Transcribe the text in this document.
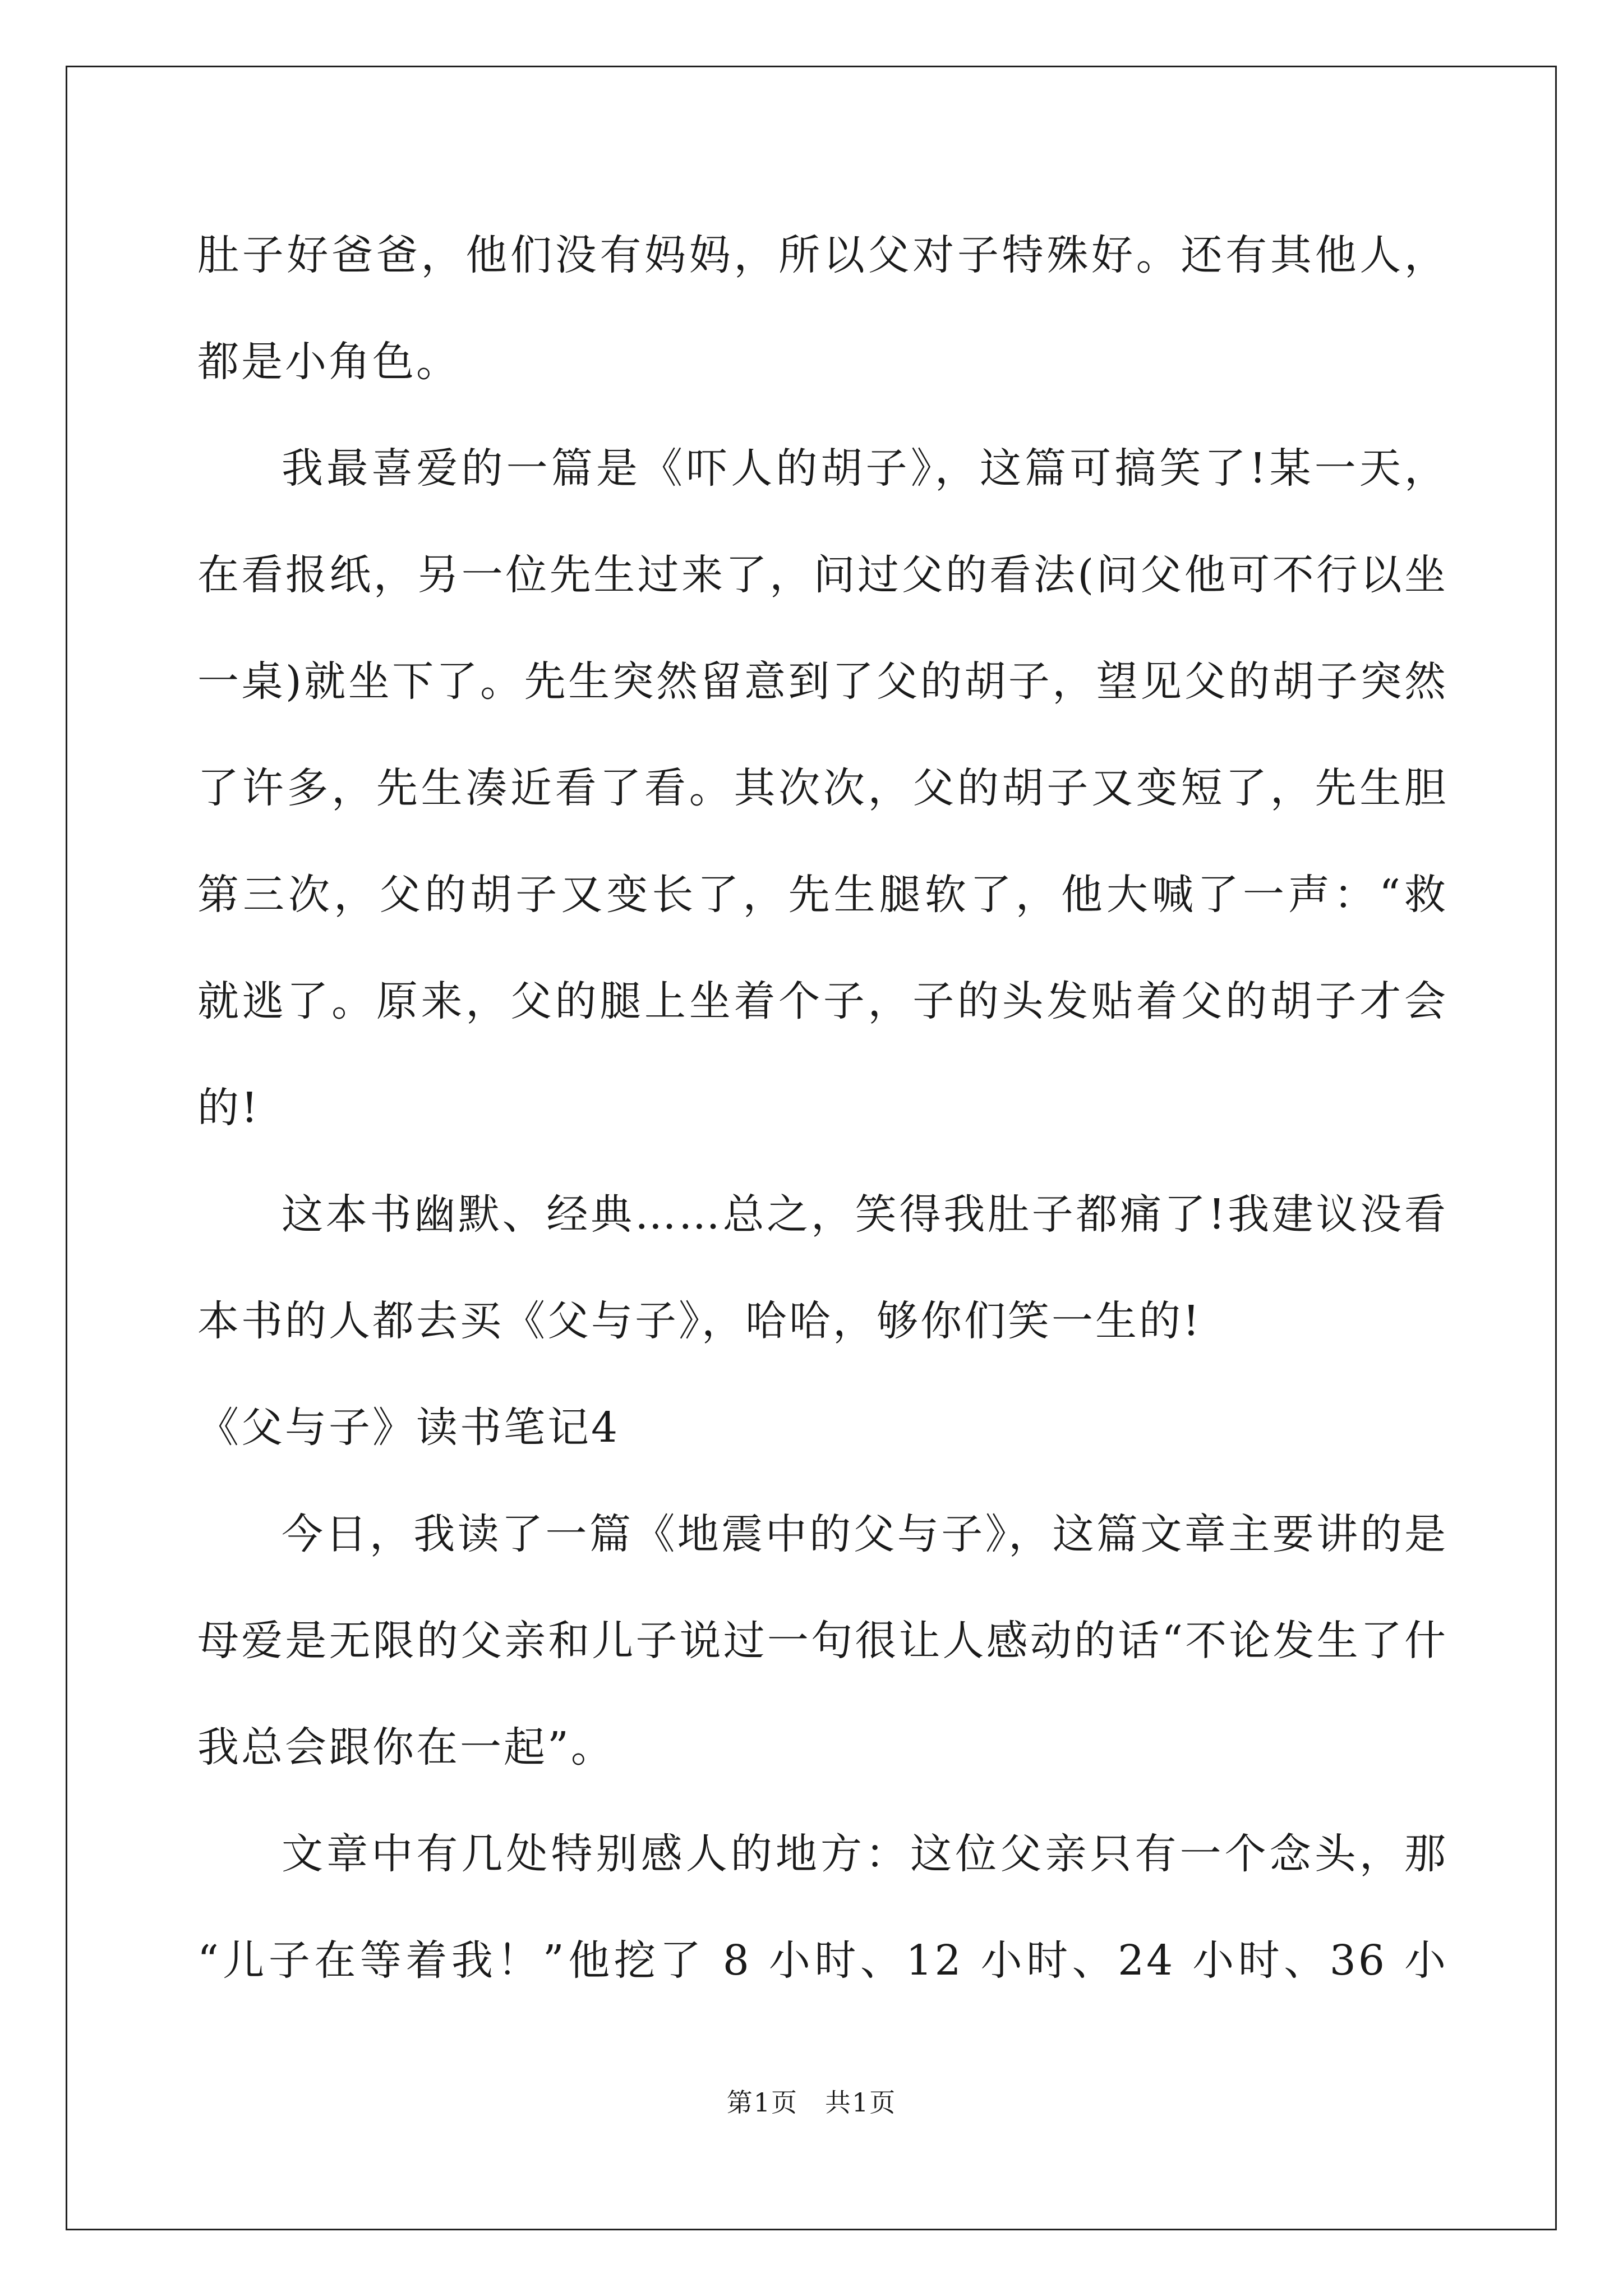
肚子好爸爸，他们没有妈妈，所以父对子特殊好。还有其他人，
都是小角色。
我最喜爱的一篇是《吓人的胡子》，这篇可搞笑了!某一天，
在看报纸，另一位先生过来了，问过父的看法(问父他可不行以坐
一桌)就坐下了。先生突然留意到了父的胡子，望见父的胡子突然
了许多，先生凑近看了看。其次次，父的胡子又变短了，先生胆
第三次，父的胡子又变长了，先生腿软了，他大喊了一声：“救
就逃了。原来，父的腿上坐着个子，子的头发贴着父的胡子才会
的!
这本书幽默、经典……总之，笑得我肚子都痛了!我建议没看
本书的人都去买《父与子》，哈哈，够你们笑一生的!
《父与子》读书笔记4
今日，我读了一篇《地震中的父与子》，这篇文章主要讲的是
母爱是无限的父亲和儿子说过一句很让人感动的话“不论发生了什
我总会跟你在一起”。
文章中有几处特别感人的地方：这位父亲只有一个念头，那
“儿子在等着我！”他挖了 8 小时、12 小时、24 小时、36 小
第1页　共1页
